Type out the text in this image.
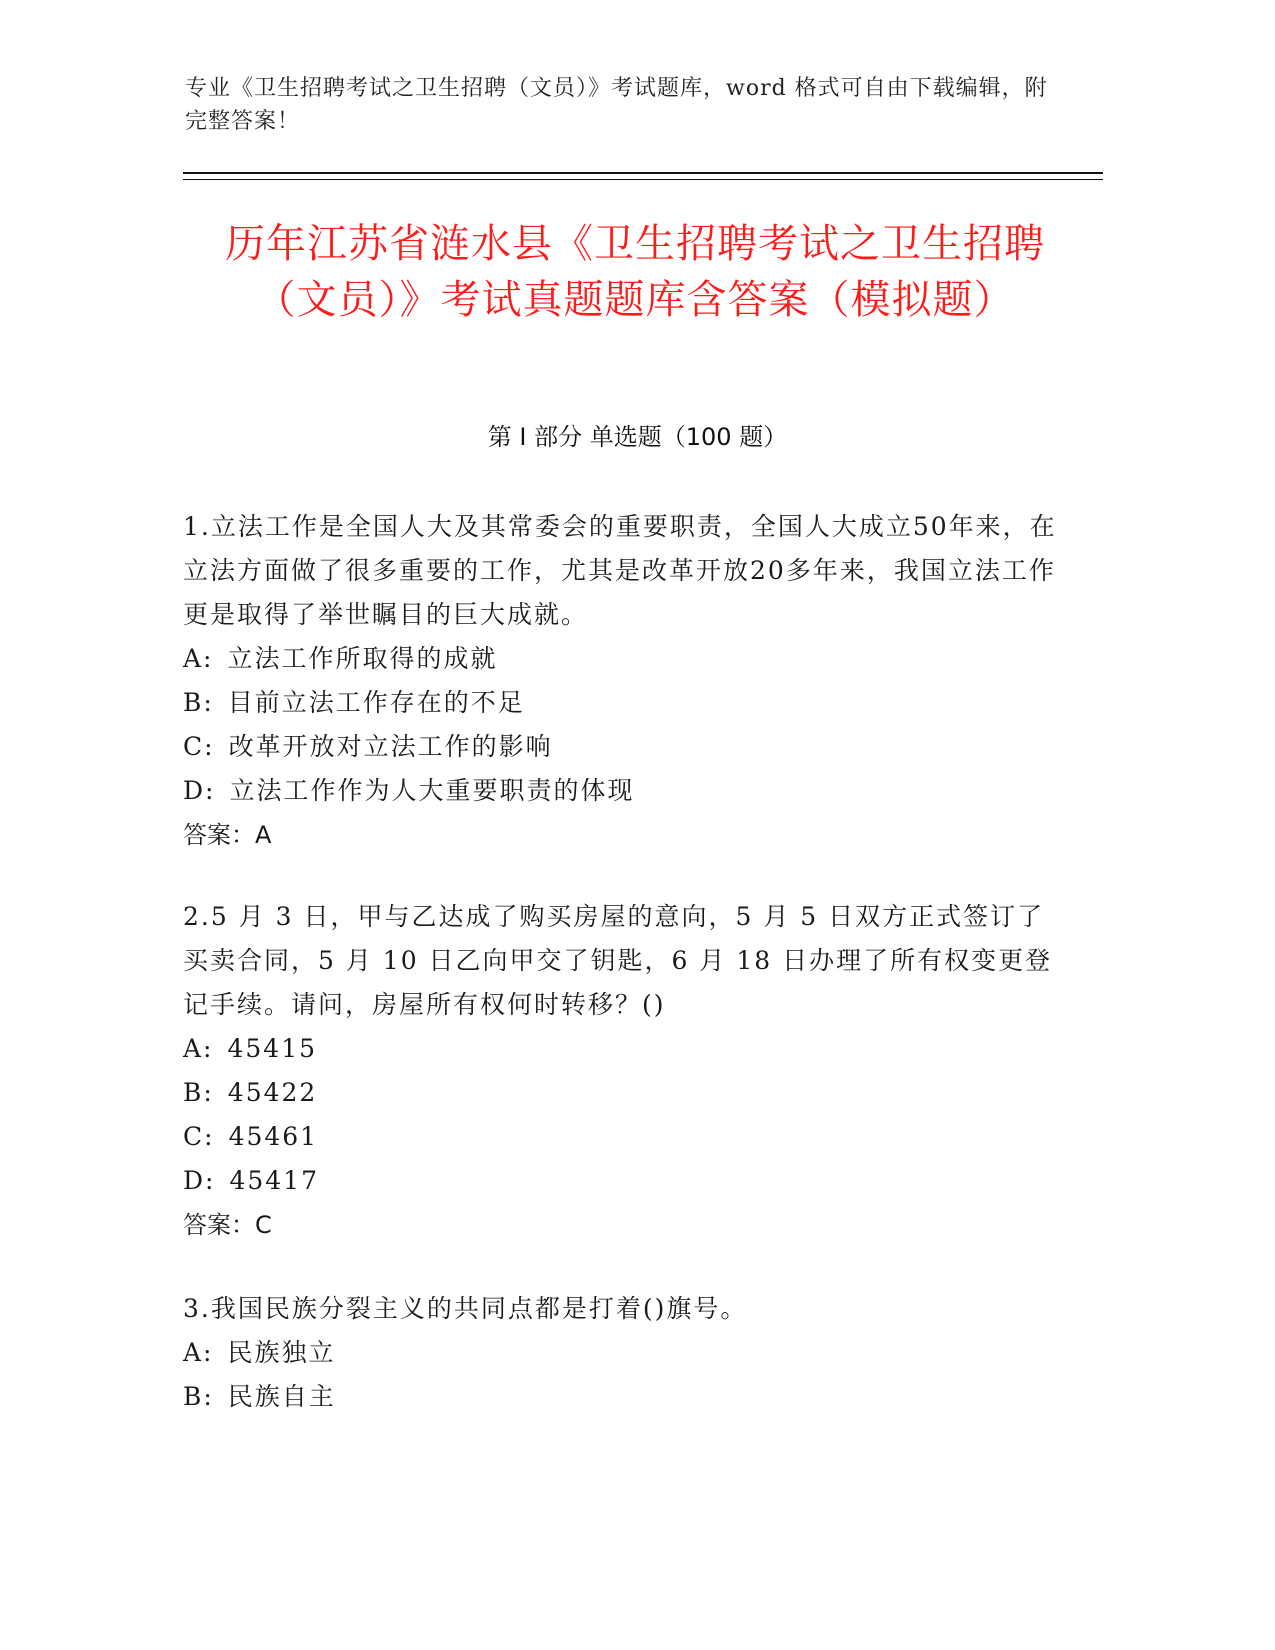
专业《卫生招聘考试之卫生招聘（文员）》考试题库，word 格式可自由下载编辑，附完整答案！
历年江苏省涟水县《卫生招聘考试之卫生招聘（文员）》考试真题题库含答案（模拟题）
第 I 部分 单选题（100 题）

1.立法工作是全国人大及其常委会的重要职责，全国人大成立50年来，在立法方面做了很多重要的工作，尤其是改革开放20多年来，我国立法工作更是取得了举世瞩目的巨大成就。

A: 立法工作所取得的成就

B: 目前立法工作存在的不足

C: 改革开放对立法工作的影响

D: 立法工作作为人大重要职责的体现

答案：A

2.5 月 3 日，甲与乙达成了购买房屋的意向，5 月 5 日双方正式签订了买卖合同，5 月 10 日乙向甲交了钥匙，6 月 18 日办理了所有权变更登记手续。请问，房屋所有权何时转移？()

A: 45415

B: 45422

C: 45461

D: 45417

答案：C

3.我国民族分裂主义的共同点都是打着()旗号。

A: 民族独立

B: 民族自主
